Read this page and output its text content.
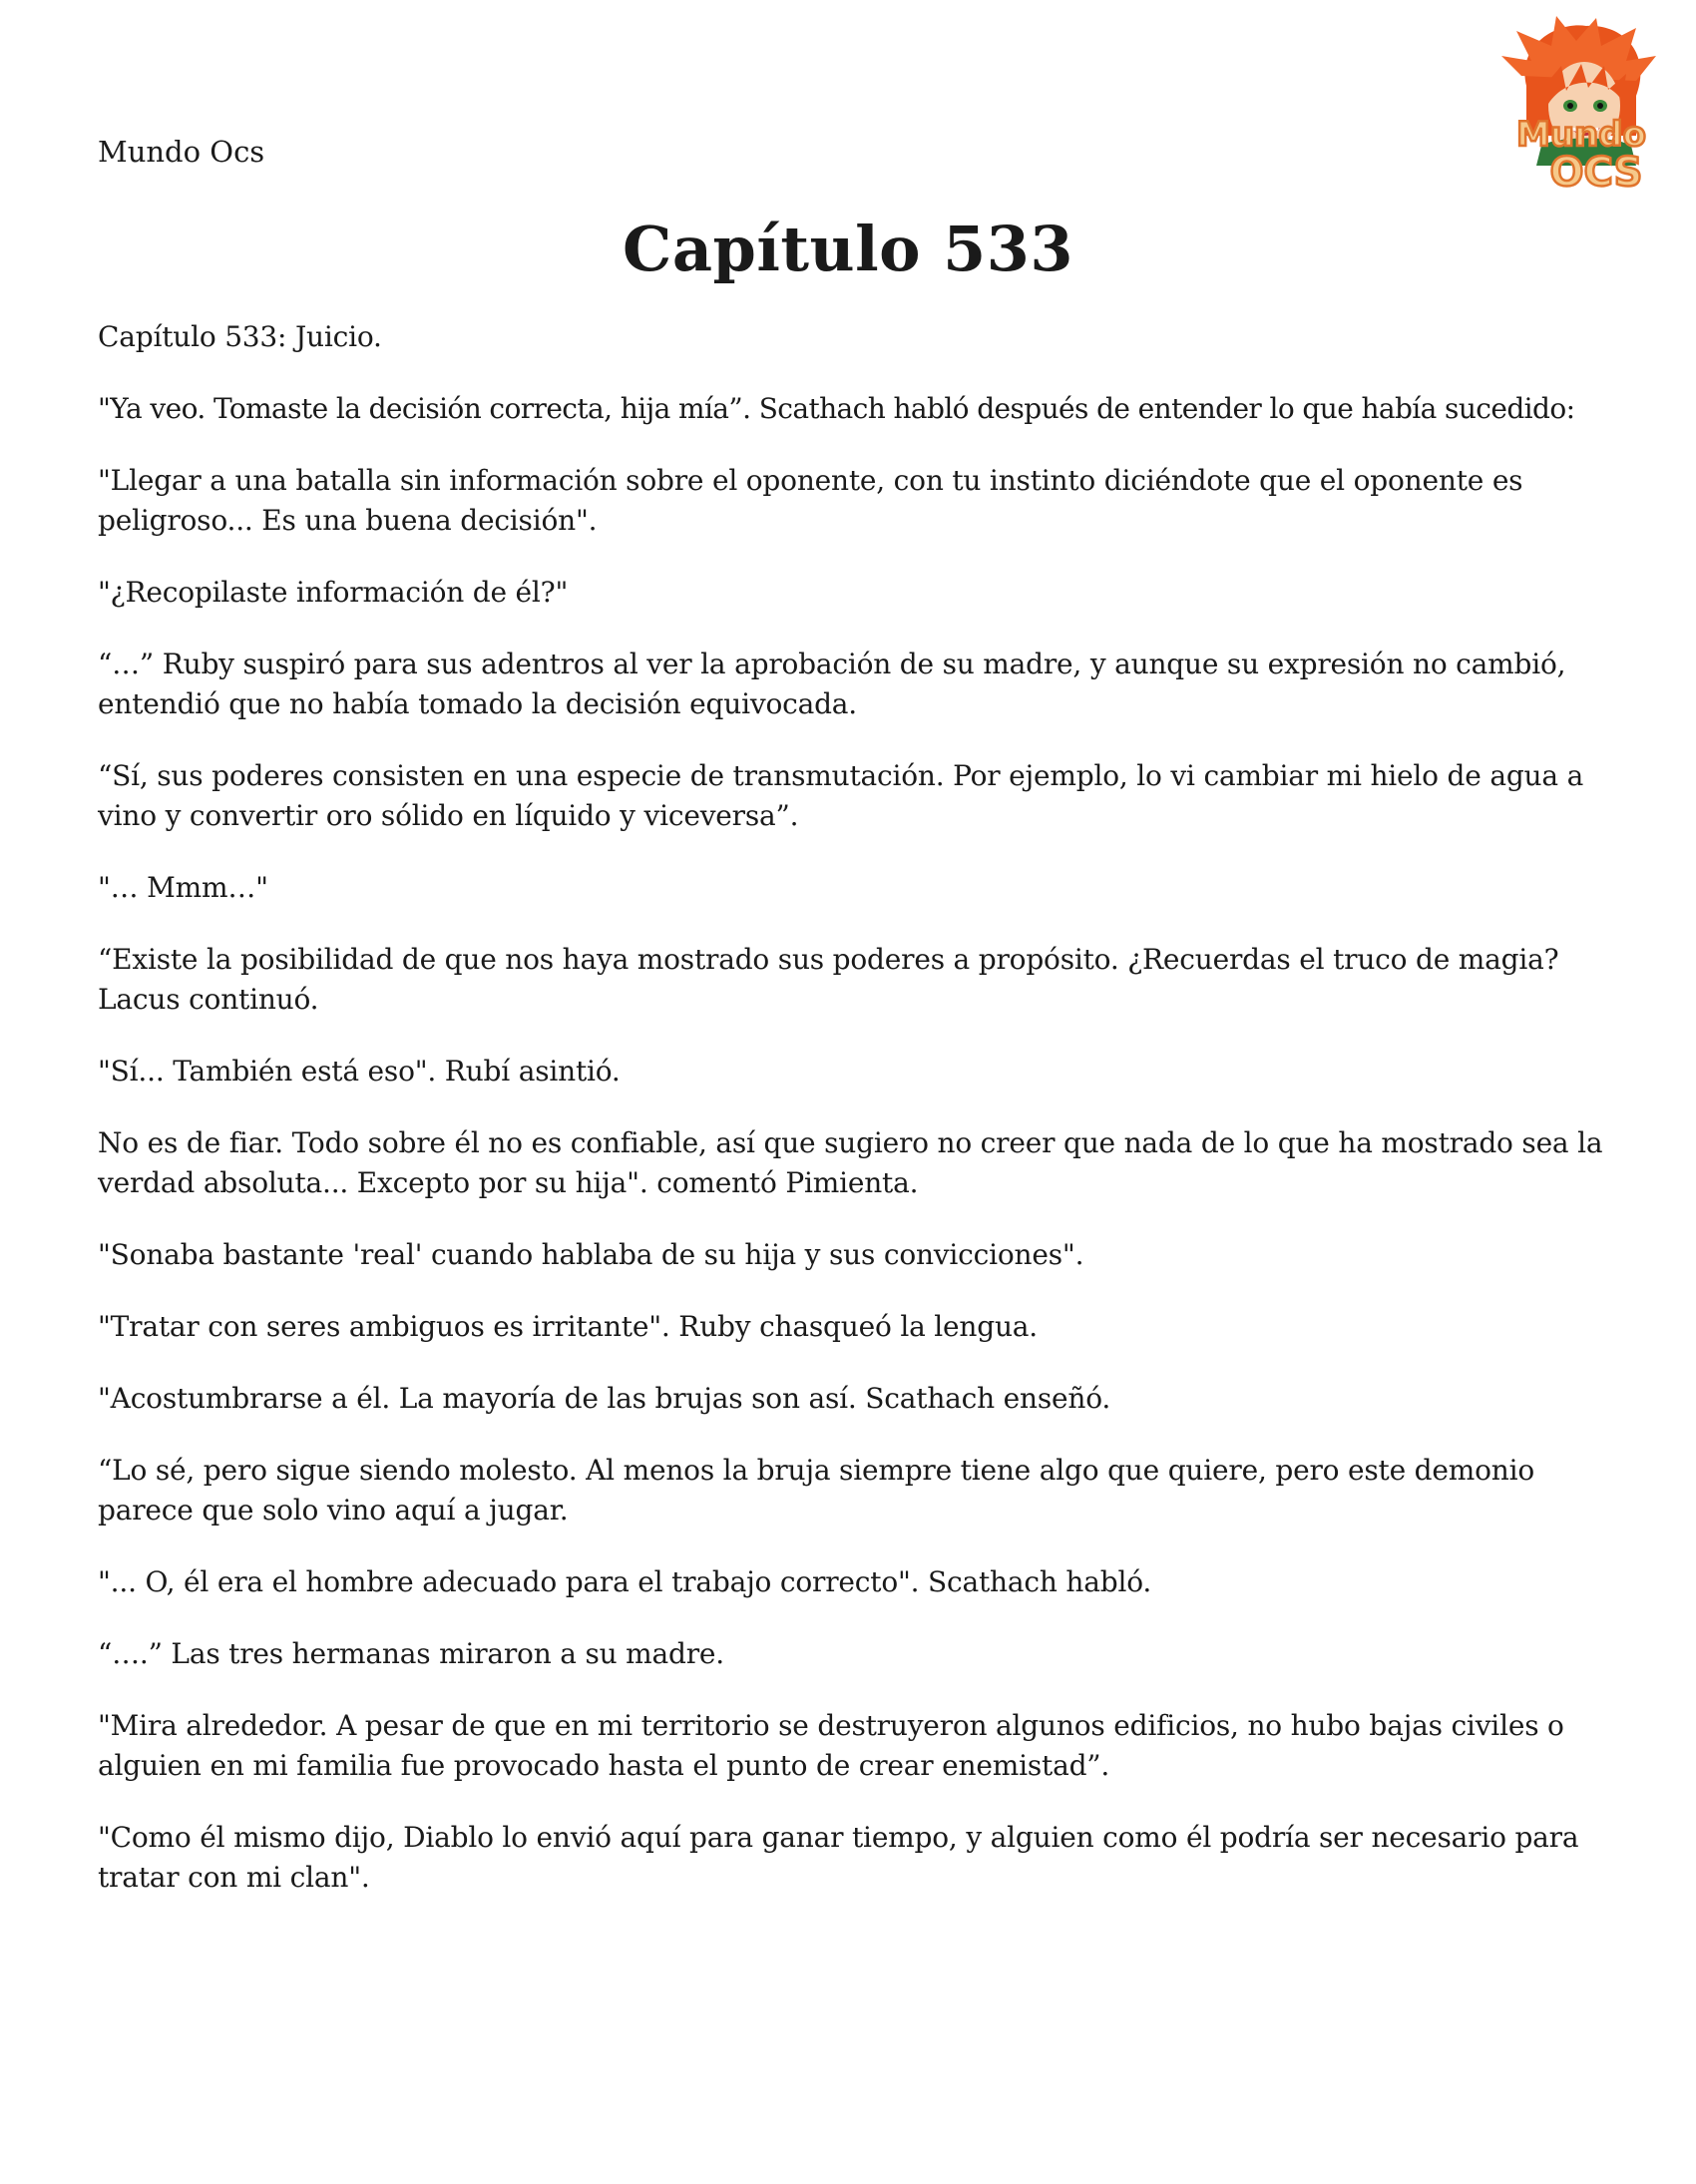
Mundo Ocs	Mundo
OCS
Capítulo 533

Capítulo 533: Juicio.

"Ya veo. Tomaste la decisión correcta, hija mía”. Scathach habló después de entender lo que había sucedido:

"Llegar a una batalla sin información sobre el oponente, con tu instinto diciéndote que el oponente es peligroso... Es una buena decisión".

"¿Recopilaste información de él?"

“…” Ruby suspiró para sus adentros al ver la aprobación de su madre, y aunque su expresión no cambió, entendió que no había tomado la decisión equivocada.

“Sí, sus poderes consisten en una especie de transmutación. Por ejemplo, lo vi cambiar mi hielo de agua a vino y convertir oro sólido en líquido y viceversa”.

"… Mmm…"

“Existe la posibilidad de que nos haya mostrado sus poderes a propósito. ¿Recuerdas el truco de magia? Lacus continuó.

"Sí... También está eso". Rubí asintió.

No es de fiar. Todo sobre él no es confiable, así que sugiero no creer que nada de lo que ha mostrado sea la verdad absoluta... Excepto por su hija". comentó Pimienta.

"Sonaba bastante 'real' cuando hablaba de su hija y sus convicciones".

"Tratar con seres ambiguos es irritante". Ruby chasqueó la lengua.

"Acostumbrarse a él. La mayoría de las brujas son así. Scathach enseñó.

“Lo sé, pero sigue siendo molesto. Al menos la bruja siempre tiene algo que quiere, pero este demonio parece que solo vino aquí a jugar.

"... O, él era el hombre adecuado para el trabajo correcto". Scathach habló.

“….” Las tres hermanas miraron a su madre.

"Mira alrededor. A pesar de que en mi territorio se destruyeron algunos edificios, no hubo bajas civiles o alguien en mi familia fue provocado hasta el punto de crear enemistad”.

"Como él mismo dijo, Diablo lo envió aquí para ganar tiempo, y alguien como él podría ser necesario para tratar con mi clan".
